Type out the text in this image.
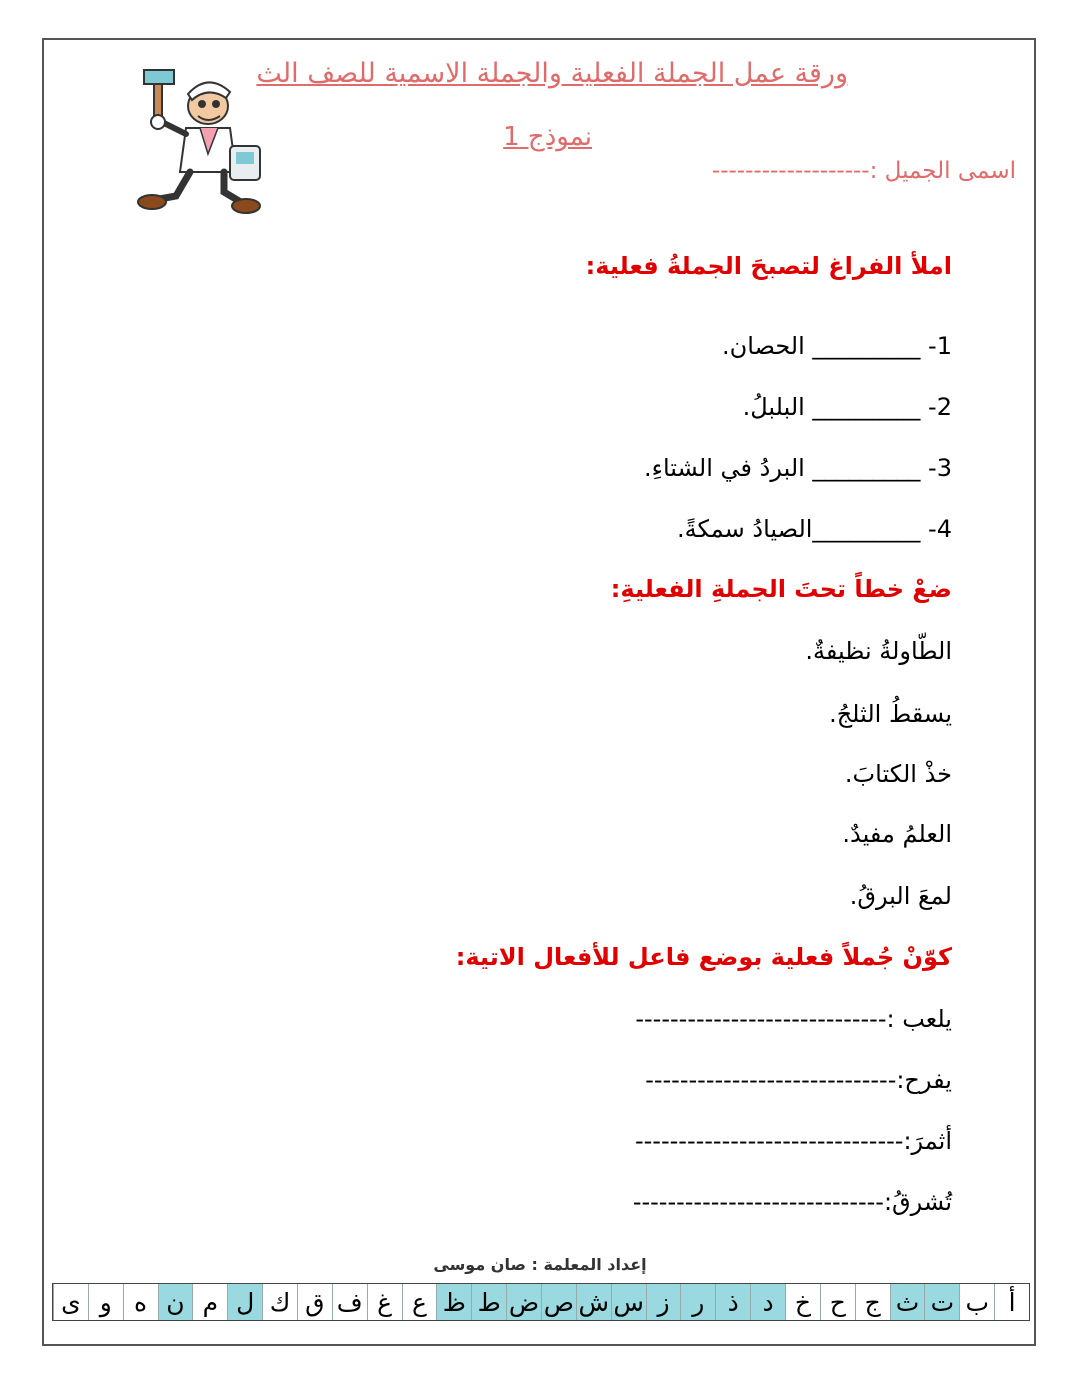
ورقة عمل الجملة الفعلية والجملة الاسمية للصف الث
نموذج 1
اسمى الجميل :-------------------
املأ الفراغ لتصبحَ الجملةُ فعلية:
1- _________ الحصان.
2- _________ البلبلُ.
3- _________ البردُ في الشتاءِ.
4- _________الصيادُ سمكةً.
ضعْ خطاً تحتَ الجملةِ الفعليةِ:
الطّاولةُ نظيفةٌ.
يسقطُ الثلجُ.
خذْ الكتابَ.
العلمُ مفيدٌ.
لمعَ البرقُ.
كوّنْ جُملاً فعلية بوضع فاعل للأفعال الاتية:
يلعب :-----------------------------
يفرح:-----------------------------
أثمرَ:-------------------------------
تُشرقُ:-----------------------------
إعداد المعلمة : صان موسى
أ
ب
ت
ث
ج
ح
خ
د
ذ
ر
ز
س
ش
ص
ض
ط
ظ
ع
غ
ف
ق
ك
ل
م
ن
ه
و
ى
